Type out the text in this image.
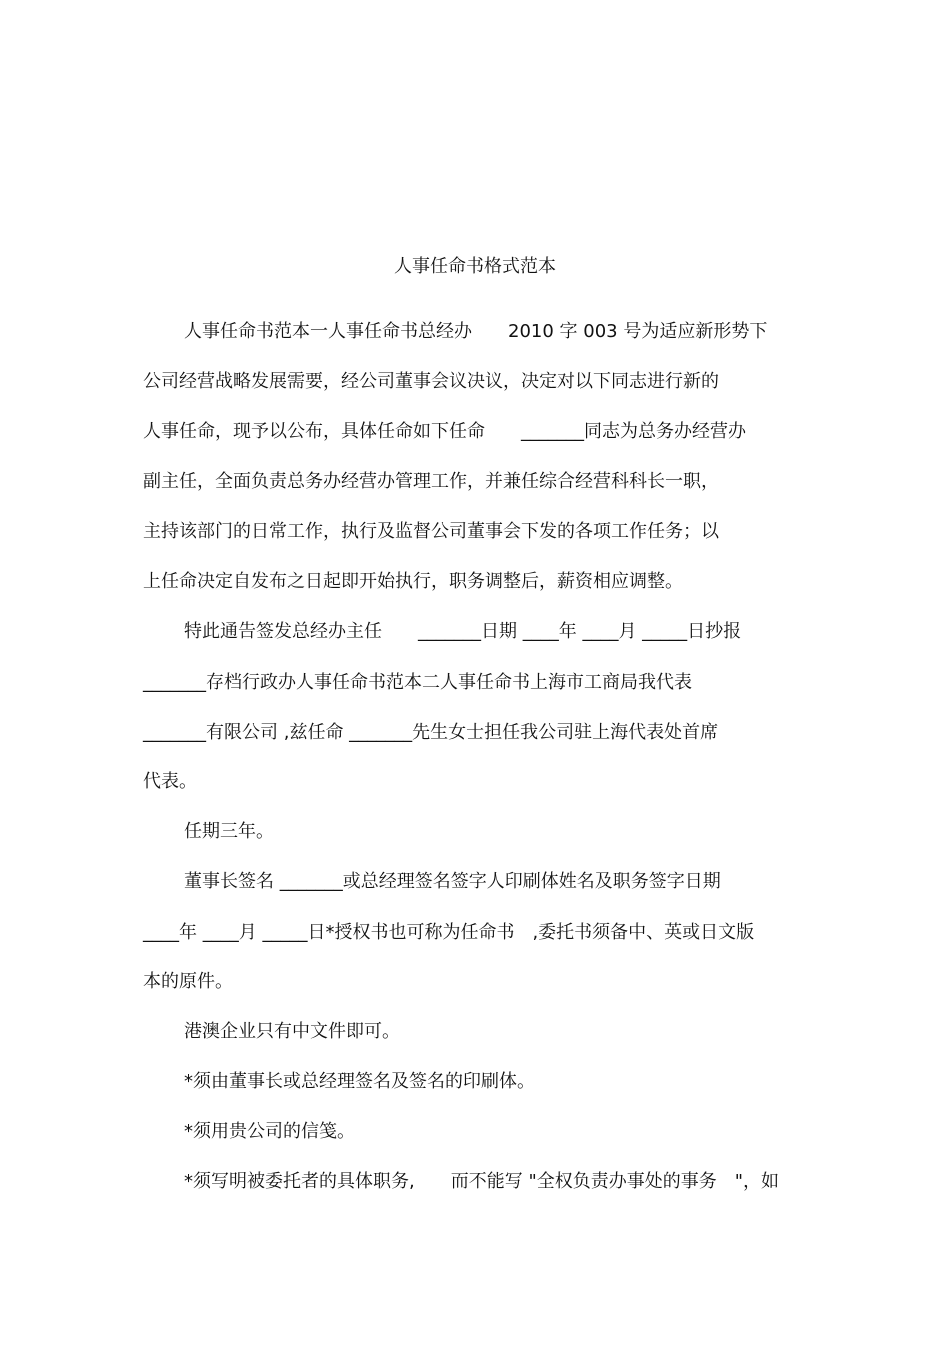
人事任命书格式范本
人事任命书范本一人事任命书总经办　　2010 字 003 号为适应新形势下
公司经营战略发展需要，经公司董事会议决议，决定对以下同志进行新的
人事任命，现予以公布，具体任命如下任命　　_______同志为总务办经营办
副主任，全面负责总务办经营办管理工作，并兼任综合经营科科长一职，
主持该部门的日常工作，执行及监督公司董事会下发的各项工作任务；以
上任命决定自发布之日起即开始执行，职务调整后，薪资相应调整。
特此通告签发总经办主任　　_______日期 ____年 ____月 _____日抄报
_______存档行政办人事任命书范本二人事任命书上海市工商局我代表
_______有限公司 ,兹任命 _______先生女士担任我公司驻上海代表处首席
代表。
任期三年。
董事长签名 _______或总经理签名签字人印刷体姓名及职务签字日期
____年 ____月 _____日*授权书也可称为任命书　,委托书须备中、英或日文版
本的原件。
港澳企业只有中文件即可。
*须由董事长或总经理签名及签名的印刷体。
*须用贵公司的信笺。
*须写明被委托者的具体职务,　　而不能写 "全权负责办事处的事务　"，如
